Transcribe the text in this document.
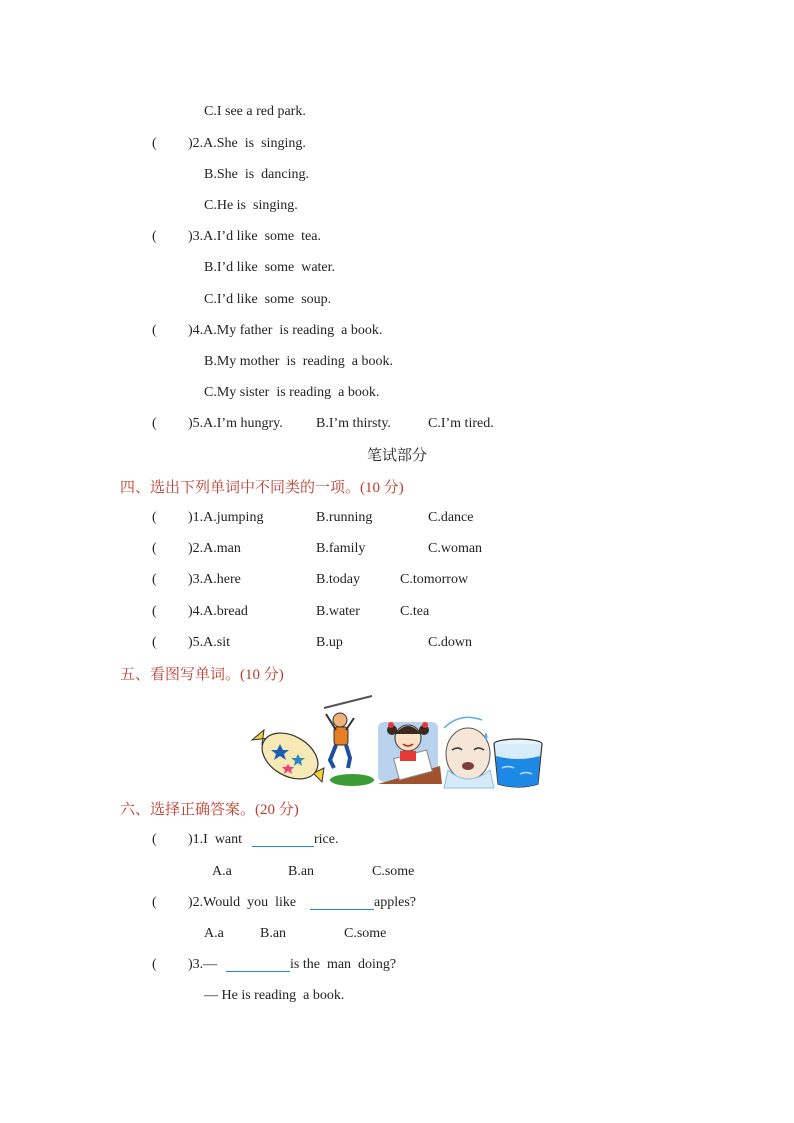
C.I see a red park.
( )2.A.She  is  singing.
B.She  is  dancing.
C.He is  singing.
( )3.A.I’d like  some  tea.
B.I’d like  some  water.
C.I’d like  some  soup.
( )4.A.My father  is reading  a book.
B.My mother  is  reading  a book.
C.My sister  is reading  a book.
( )5.A.I’m hungry. B.I’m thirsty.	C.I’m tired.
笔试部分
四、选出下列单词中不同类的一项。(10 分)
( )1.A.jumping	B.running	C.dance
( )2.A.man	B.family	C.woman
( )3.A.here	B.today	C.tomorrow
( )4.A.bread	B.water	C.tea
( )5.A.sit	B.up	C.down
五、看图写单词。(10 分)
六、选择正确答案。(20 分)
( )1.I  want	rice.
A.a	B.an	C.some
( )2.Would  you  like	apples?
A.a	B.an	C.some
( )3.—	is the  man  doing?
— He is reading  a book.
